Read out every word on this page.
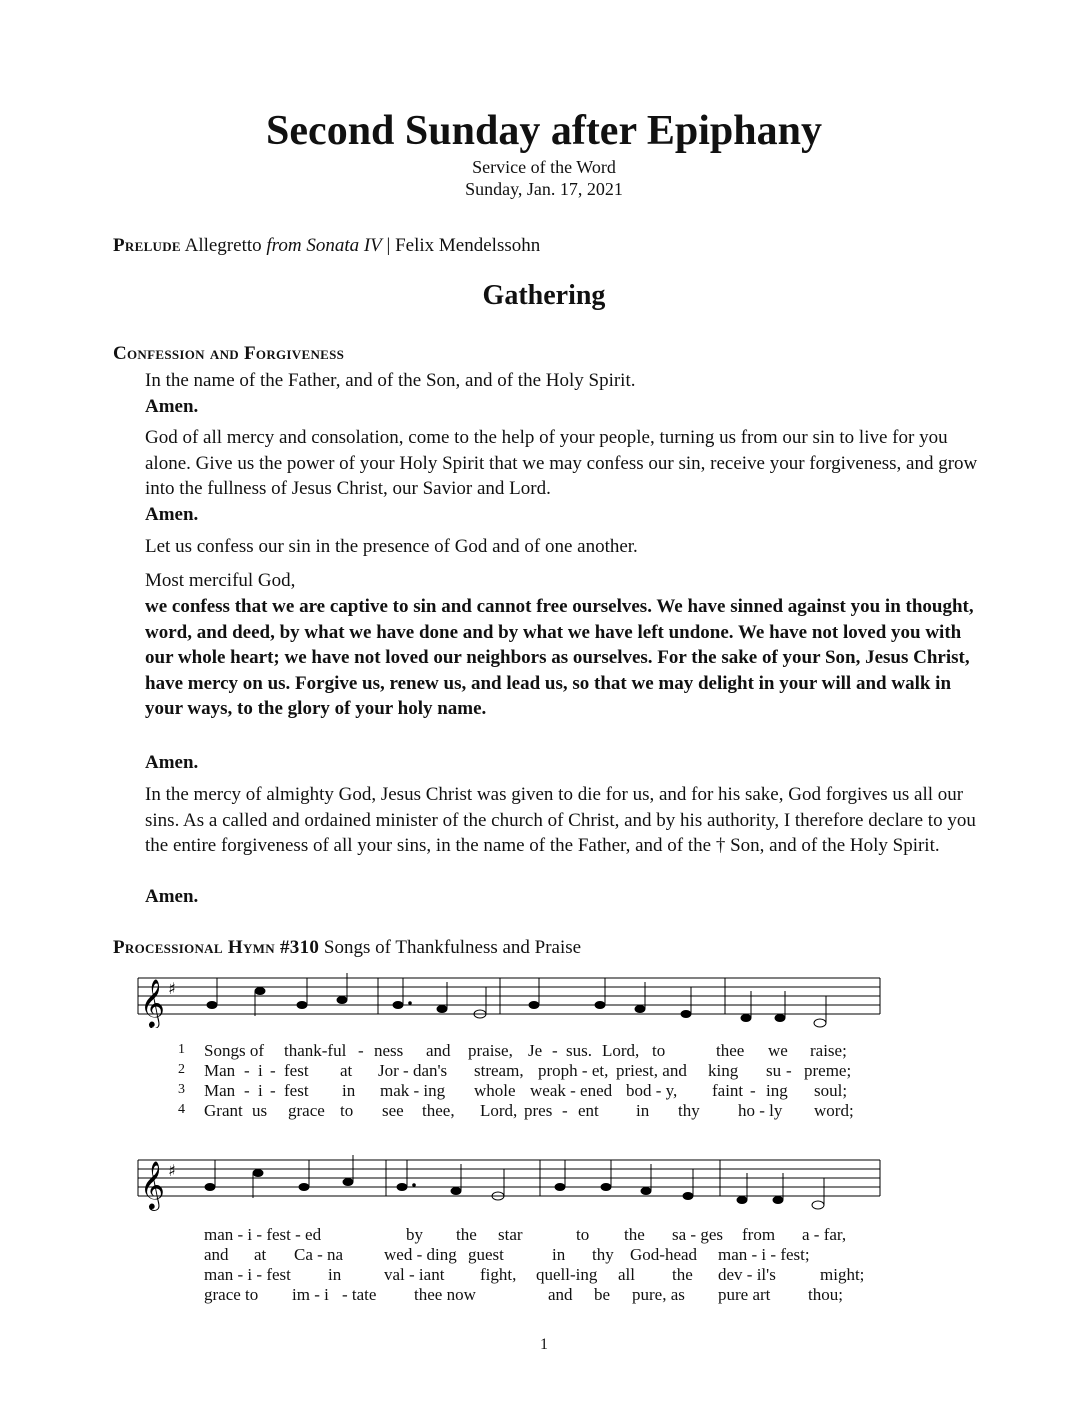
Second Sunday after Epiphany
Service of the Word
Sunday, Jan. 17, 2021
Prelude Allegretto from Sonata IV | Felix Mendelssohn
Gathering
Confession and Forgiveness
In the name of the Father, and of the Son, and of the Holy Spirit.
Amen.
God of all mercy and consolation, come to the help of your people, turning us from our sin to live for you alone. Give us the power of your Holy Spirit that we may confess our sin, receive your forgiveness, and grow into the fullness of Jesus Christ, our Savior and Lord.
Amen.
Let us confess our sin in the presence of God and of one another.
Most merciful God,
we confess that we are captive to sin and cannot free ourselves. We have sinned against you in thought, word, and deed, by what we have done and by what we have left undone. We have not loved you with our whole heart; we have not loved our neighbors as ourselves. For the sake of your Son, Jesus Christ, have mercy on us. Forgive us, renew us, and lead us, so that we may delight in your will and walk in your ways, to the glory of your holy name.
Amen.
In the mercy of almighty God, Jesus Christ was given to die for us, and for his sake, God forgives us all our sins. As a called and ordained minister of the church of Christ, and by his authority, I therefore declare to you the entire forgiveness of all your sins, in the name of the Father, and of the † Son, and of the Holy Spirit.
Amen.
Processional Hymn #310 Songs of Thankfulness and Praise
𝄞 ♯
1
2
3
4
Songs of thank-ful - ness and praise, Je - sus. Lord, to	thee we raise;
Man - i - fest at Jor - dan's stream, proph - et, priest, and king su - preme;
Man - i - fest in mak - ing whole weak - ened bod - y, faint - ing soul;
Grant us grace to see thee, Lord, pres - ent in thy ho - ly word;
𝄞 ♯
man - i - fest - ed	by the star	to the sa - ges from a - far,
and at Ca - na wed - ding guest	in thy God-head man - i - fest;
man - i - fest in	val - iant fight, quell-ing all the dev - il's	might;
grace to im - i - tate thee now	and be pure, as pure art thou;
1
